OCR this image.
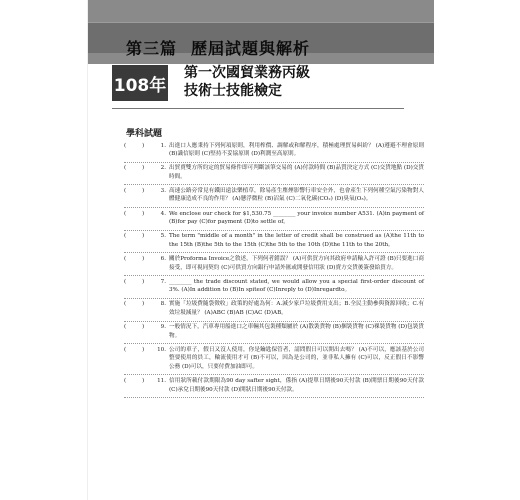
第三篇 歷屆試題與解析
108年
第一次國貿業務丙級
技術士技能檢定
學科試題
( )	1. 出進口人應秉持下列何項原則，利用榨價、調解或和解程序，積極處理貿易糾紛？ (A)遵避不理會原則 (B)識信原則 (C)堅持不妥協原則 (D)利潤至高原則。
( )	2. 出貿賣雙方所約定的貿易條件即可判斷該筆交易的 (A)付款時間 (B)品質決定方式 (C)交貨地點 (D)交貨時間。
( )	3. 高速公路旁常見有鐵田遠法樂植草，除易產生塵煙影響行車安全外，也會產生下列何種空氣污染物對人體健康造成不良的作用？ (A)懸浮微粒 (B)沼氣 (C)二氧化碳(CO₂) (D)臭氧(O₃)。
( )	4. We enclose our check for $1,530.75 ________ your invoice number A531. (A)in payment of (B)for pay (C)for payment (D)to settle of。
( )	5. The term "middle of a month" in the letter of credit shall be construed as (A)the 11th to the 15th (B)the 5th to the 15th (C)the 5th to the 10th (D)the 11th to the 20th。
( )	6. 關於Proforma Invoice之敘述，下列何者錯誤？ (A)可供買方向其政府申請輸入許可證 (B)只要進口商接受，即可視同契約 (C)可供買方向銀行申請外匯或開發信用狀 (D)賣方交貨後簽發給買方。
( )	7. ________ the trade discount stated, we would allow you a special first-order discount of 3%. (A)In addition to (B)In spiteof (C)Inreply to (D)Inregardto。
( )	8. 實施「垃圾費隨袋徵收」政策的好處為何：A.減少家戶垃圾費用支出；B.全民主動參與資源回收；C.有效垃圾減量？ (A)ABC (B)AB (C)AC (D)AB。
( )	9. 一般情況下，汽車專用船進口之車輛其包裝種類屬於 (A)散裝貨物 (B)捆裝貨物 (C)裸裝貨物 (D)包裝貨物。
( )	10. 公司的車子，假日又沒人使用，你是鑰匙保管者，請問假日可以開出去嗎？ (A)不可以，應該基於公司整要使用的員工，輪流使用才可 (B)不可以，因為是公司的，並非私人擁有 (C)可以，反正假日不影響公務 (D)可以，只要付費加油即可。
( )	11. 信用狀所載付款期限為90 day safter sight，係指 (A)提單日期後90天付款 (B)開票日期後90天付款 (C)承兌日期後90天付款 (D)開狀日期後90天付款。
